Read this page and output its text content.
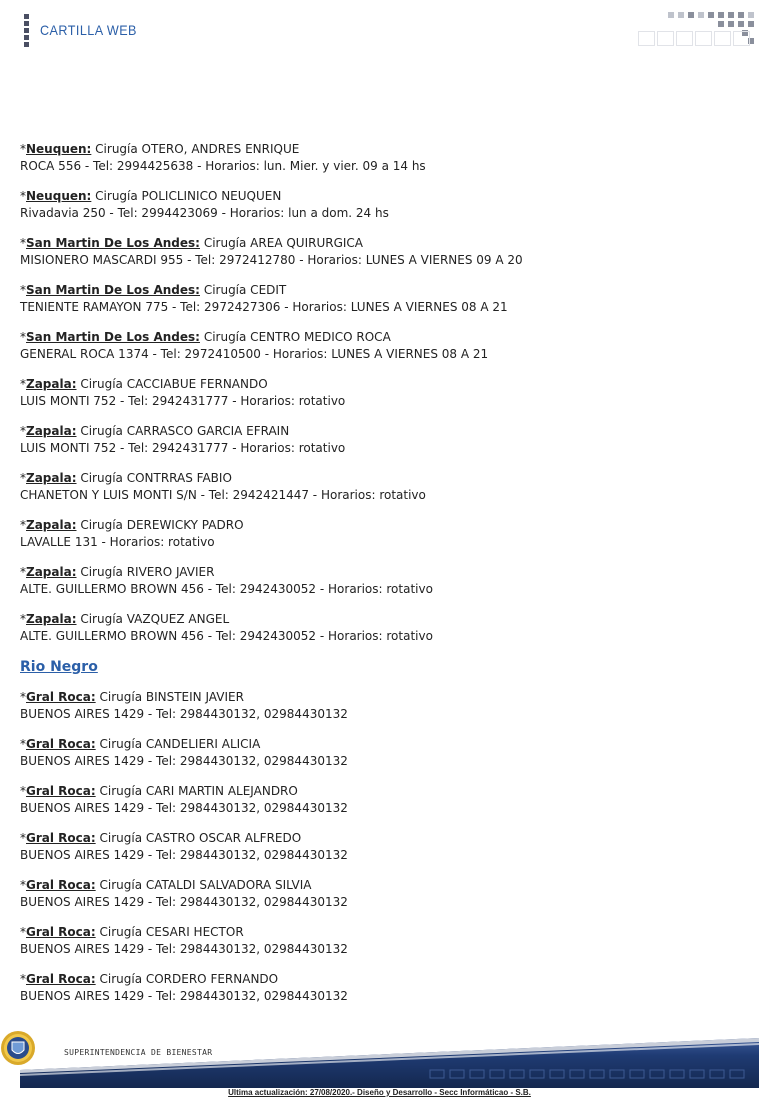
CARTILLA WEB
*Neuquen: Cirugía OTERO, ANDRES ENRIQUE
ROCA 556 - Tel: 2994425638 - Horarios: lun. Mier. y vier. 09 a 14 hs
*Neuquen: Cirugía POLICLINICO NEUQUEN
Rivadavia 250 - Tel: 2994423069 - Horarios: lun a dom. 24 hs
*San Martin De Los Andes: Cirugía AREA QUIRURGICA
MISIONERO MASCARDI 955 - Tel: 2972412780 - Horarios: LUNES A VIERNES 09 A 20
*San Martin De Los Andes: Cirugía CEDIT
TENIENTE RAMAYON 775 - Tel: 2972427306 - Horarios: LUNES A VIERNES 08 A 21
*San Martin De Los Andes: Cirugía CENTRO MEDICO ROCA
GENERAL ROCA 1374 - Tel: 2972410500 - Horarios: LUNES A VIERNES 08 A 21
*Zapala: Cirugía CACCIABUE FERNANDO
LUIS MONTI 752 - Tel: 2942431777 - Horarios: rotativo
*Zapala: Cirugía CARRASCO GARCIA EFRAIN
LUIS MONTI 752 - Tel: 2942431777 - Horarios: rotativo
*Zapala: Cirugía CONTRRAS FABIO
CHANETON Y LUIS MONTI S/N - Tel: 2942421447 - Horarios: rotativo
*Zapala: Cirugía DEREWICKY PADRO
LAVALLE 131 - Horarios: rotativo
*Zapala: Cirugía RIVERO JAVIER
ALTE. GUILLERMO BROWN 456 - Tel: 2942430052 - Horarios: rotativo
*Zapala: Cirugía VAZQUEZ ANGEL
ALTE. GUILLERMO BROWN 456 - Tel: 2942430052 - Horarios: rotativo
Rio Negro
*Gral Roca: Cirugía BINSTEIN JAVIER
BUENOS AIRES 1429 - Tel: 2984430132, 02984430132
*Gral Roca: Cirugía CANDELIERI ALICIA
BUENOS AIRES 1429 - Tel: 2984430132, 02984430132
*Gral Roca: Cirugía CARI MARTIN ALEJANDRO
BUENOS AIRES 1429 - Tel: 2984430132, 02984430132
*Gral Roca: Cirugía CASTRO OSCAR ALFREDO
BUENOS AIRES 1429 - Tel: 2984430132, 02984430132
*Gral Roca: Cirugía CATALDI SALVADORA SILVIA
BUENOS AIRES 1429 - Tel: 2984430132, 02984430132
*Gral Roca: Cirugía CESARI HECTOR
BUENOS AIRES 1429 - Tel: 2984430132, 02984430132
*Gral Roca: Cirugía CORDERO FERNANDO
BUENOS AIRES 1429 - Tel: 2984430132, 02984430132
SUPERINTENDENCIA DE BIENESTAR
Ultima actualización: 27/08/2020.- Diseño y Desarrollo - Secc Informáticao - S.B.
